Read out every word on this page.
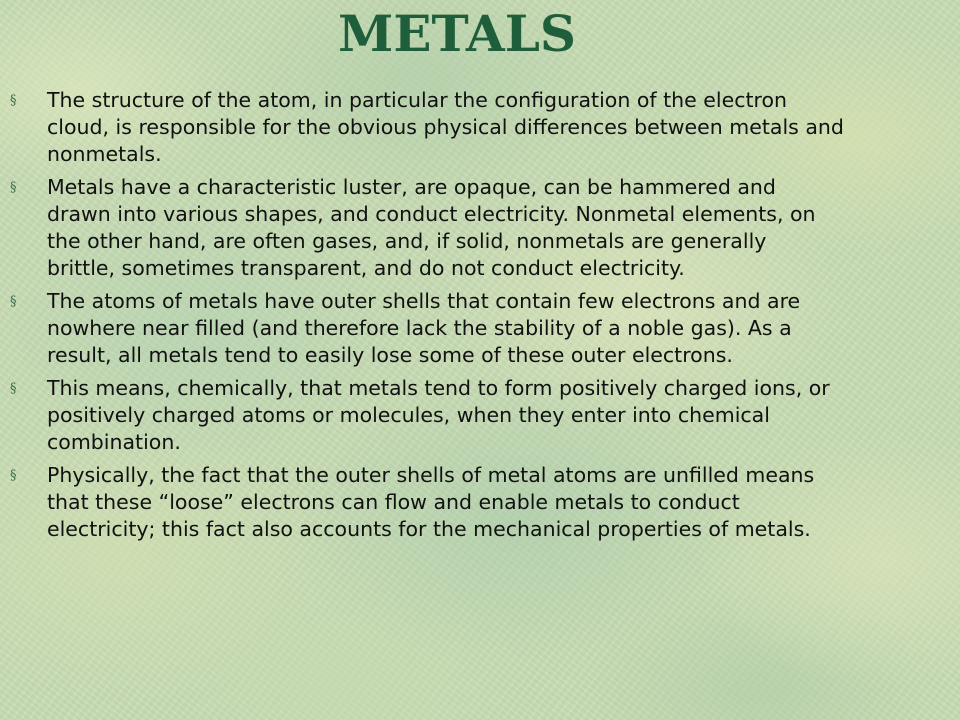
METALS
§ The structure of the atom, in particular the configuration of the electron
cloud, is responsible for the obvious physical differences between metals and
nonmetals.
§ Metals have a characteristic luster, are opaque, can be hammered and
drawn into various shapes, and conduct electricity. Nonmetal elements, on
the other hand, are often gases, and, if solid, nonmetals are generally
brittle, sometimes transparent, and do not conduct electricity.
§ The atoms of metals have outer shells that contain few electrons and are
nowhere near filled (and therefore lack the stability of a noble gas). As a
result, all metals tend to easily lose some of these outer electrons.
§ This means, chemically, that metals tend to form positively charged ions, or
positively charged atoms or molecules, when they enter into chemical
combination.
§ Physically, the fact that the outer shells of metal atoms are unfilled means
that these “loose” electrons can flow and enable metals to conduct
electricity; this fact also accounts for the mechanical properties of metals.
